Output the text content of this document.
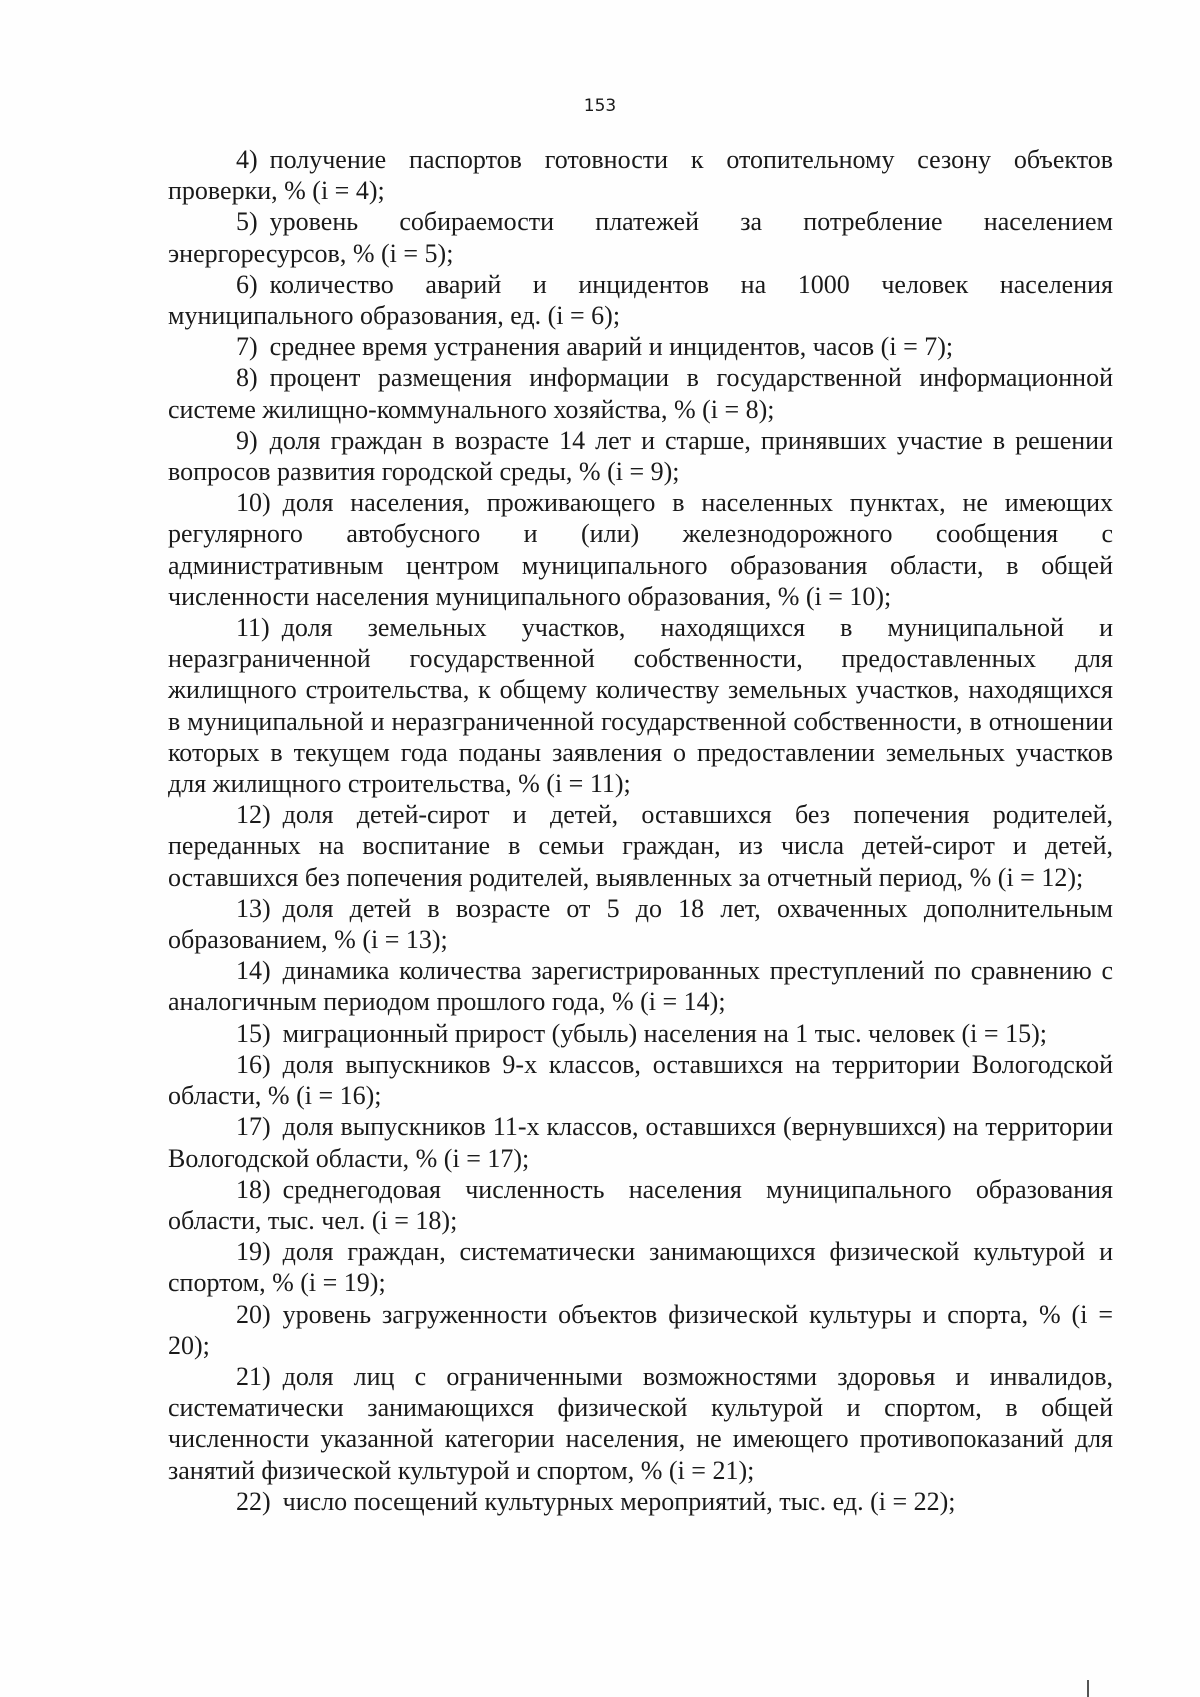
153

4) получение паспортов готовности к отопительному сезону объектов проверки, % (i = 4);

5) уровень собираемости платежей за потребление населением энергоресурсов, % (i = 5);

6) количество аварий и инцидентов на 1000 человек населения муниципального образования, ед. (i = 6);

7) среднее время устранения аварий и инцидентов, часов (i = 7);

8) процент размещения информации в государственной информационной системе жилищно-коммунального хозяйства, % (i = 8);

9) доля граждан в возрасте 14 лет и старше, принявших участие в решении вопросов развития городской среды, % (i = 9);

10) доля населения, проживающего в населенных пунктах, не имеющих регулярного автобусного и (или) железнодорожного сообщения с административным центром муниципального образования области, в общей численности населения муниципального образования, % (i = 10);

11) доля земельных участков, находящихся в муниципальной и неразграниченной государственной собственности, предоставленных для жилищного строительства, к общему количеству земельных участков, находящихся в муниципальной и неразграниченной государственной собственности, в отношении которых в текущем года поданы заявления о предоставлении земельных участков для жилищного строительства, % (i = 11);

12) доля детей-сирот и детей, оставшихся без попечения родителей, переданных на воспитание в семьи граждан, из числа детей-сирот и детей, оставшихся без попечения родителей, выявленных за отчетный период, % (i = 12);

13) доля детей в возрасте от 5 до 18 лет, охваченных дополнительным образованием, % (i = 13);

14) динамика количества зарегистрированных преступлений по сравнению с аналогичным периодом прошлого года, % (i = 14);

15) миграционный прирост (убыль) населения на 1 тыс. человек (i = 15);

16) доля выпускников 9-х классов, оставшихся на территории Вологодской области, % (i = 16);

17) доля выпускников 11-х классов, оставшихся (вернувшихся) на территории Вологодской области, % (i = 17);

18) среднегодовая численность населения муниципального образования области, тыс. чел. (i = 18);

19) доля граждан, систематически занимающихся физической культурой и спортом, % (i = 19);

20) уровень загруженности объектов физической культуры и спорта, % (i = 20);

21) доля лиц с ограниченными возможностями здоровья и инвалидов, систематически занимающихся физической культурой и спортом, в общей численности указанной категории населения, не имеющего противопоказаний для занятий физической культурой и спортом, % (i = 21);

22) число посещений культурных мероприятий, тыс. ед. (i = 22);
